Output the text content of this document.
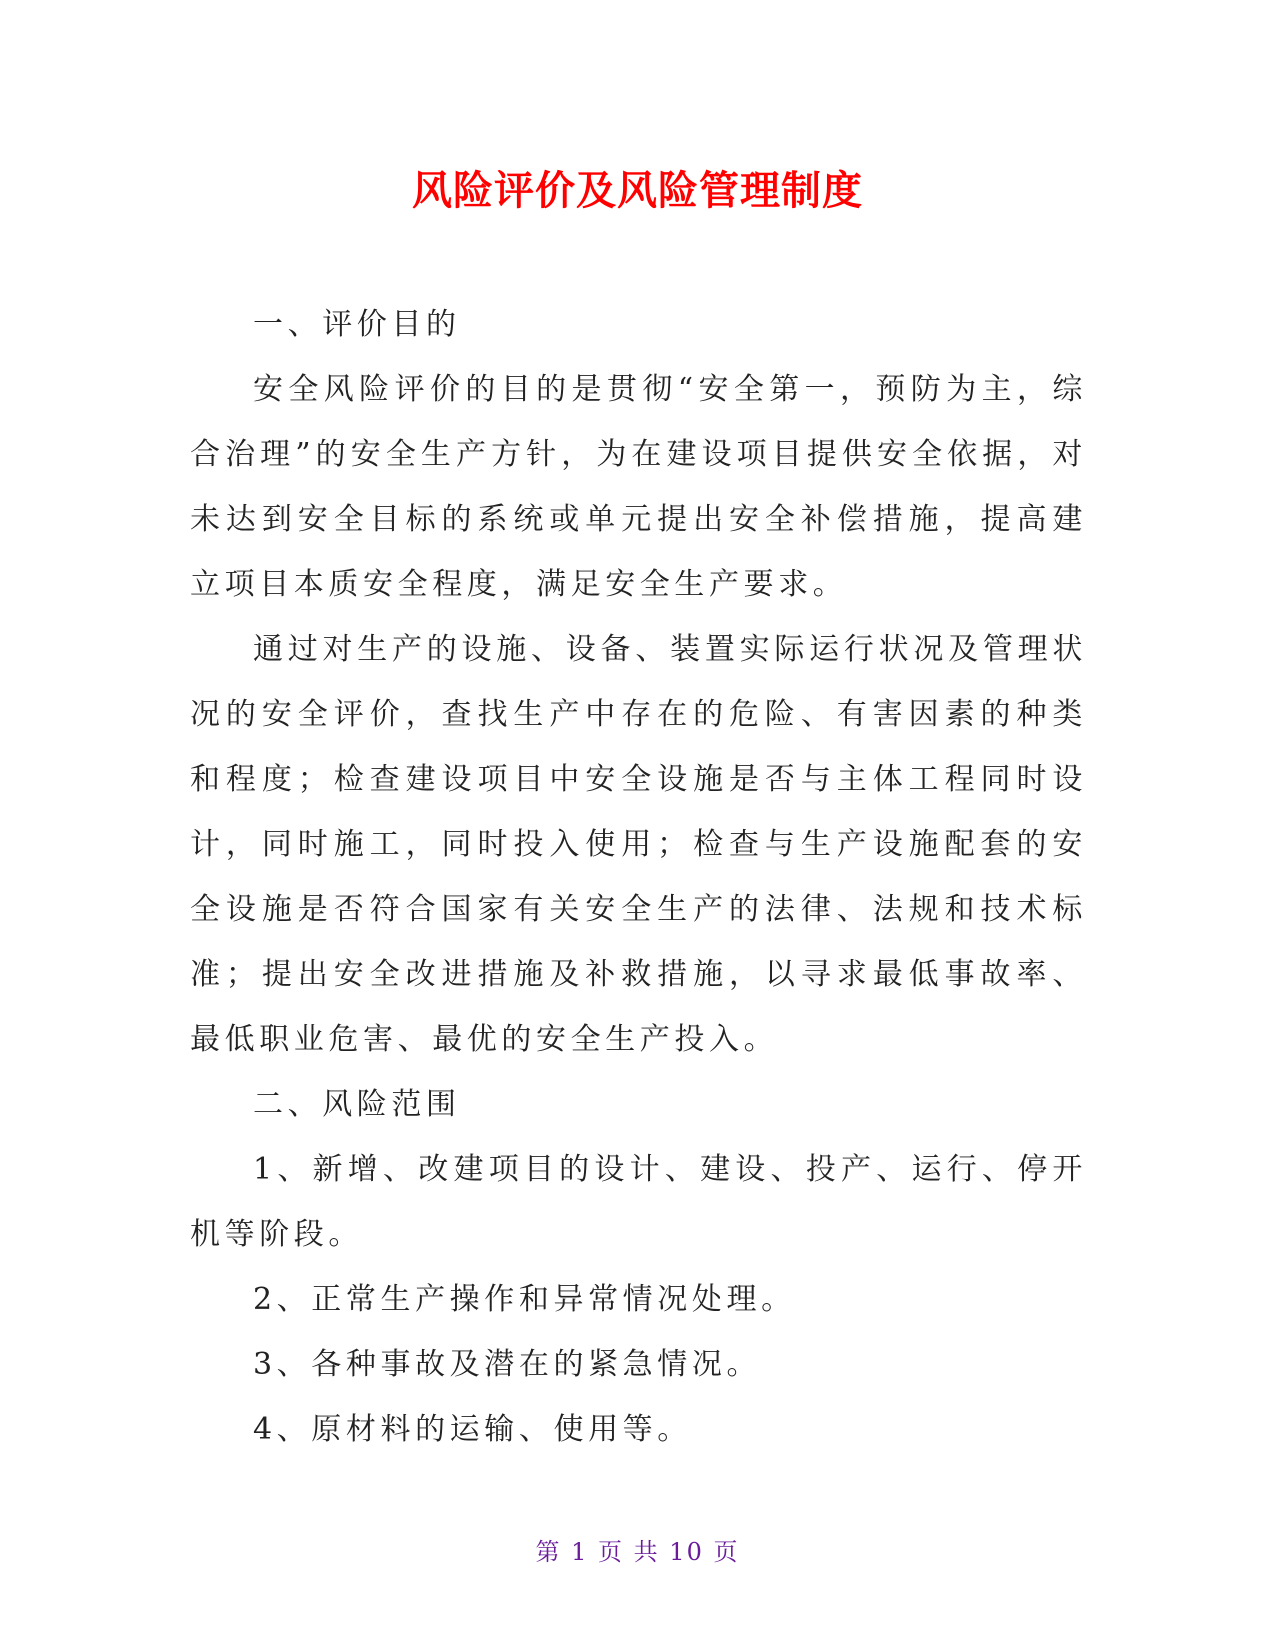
风险评价及风险管理制度

一、评价目的

安全风险评价的目的是贯彻“安全第一，预防为主，综合治理”的安全生产方针，为在建设项目提供安全依据，对未达到安全目标的系统或单元提出安全补偿措施，提高建立项目本质安全程度，满足安全生产要求。

通过对生产的设施、设备、装置实际运行状况及管理状况的安全评价，查找生产中存在的危险、有害因素的种类和程度；检查建设项目中安全设施是否与主体工程同时设计，同时施工，同时投入使用；检查与生产设施配套的安全设施是否符合国家有关安全生产的法律、法规和技术标准；提出安全改进措施及补救措施，以寻求最低事故率、最低职业危害、最优的安全生产投入。

二、风险范围

1、新增、改建项目的设计、建设、投产、运行、停开机等阶段。

2、正常生产操作和异常情况处理。

3、各种事故及潜在的紧急情况。

4、原材料的运输、使用等。

第 1 页 共 10 页
